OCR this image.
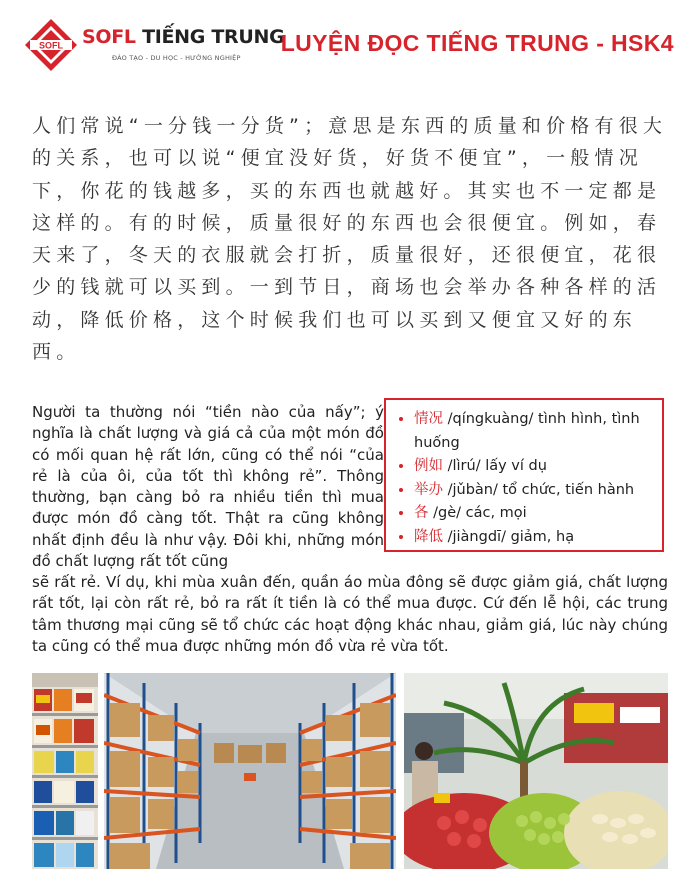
SOFL SOFL TIẾNG TRUNG
ĐÀO TẠO - DU HỌC - HƯỚNG NGHIỆP
LUYỆN ĐỌC TIẾNG TRUNG - HSK4
人们常说“一分钱一分货”；意思是东西的质量和价格有很大的关系，也可以说“便宜没好货，好货不便宜”，一般情况下，你花的钱越多，买的东西也就越好。其实也不一定都是这样的。有的时候，质量很好的东西也会很便宜。例如，春天来了，冬天的衣服就会打折，质量很好，还很便宜，花很少的钱就可以买到。一到节日，商场也会举办各种各样的活动，降低价格，这个时候我们也可以买到又便宜又好的东西。
Người ta thường nói “tiền nào của nấy”; ý nghĩa là chất lượng và giá cả của một món đồ có mối quan hệ rất lớn, cũng có thể nói “của rẻ là của ôi, của tốt thì không rẻ”. Thông thường, bạn càng bỏ ra nhiều tiền thì mua được món đồ càng tốt. Thật ra cũng không nhất định đều là như vậy. Đôi khi, những món đồ chất lượng rất tốt cũng
sẽ rất rẻ. Ví dụ, khi mùa xuân đến, quần áo mùa đông sẽ được giảm giá, chất lượng rất tốt, lại còn rất rẻ, bỏ ra rất ít tiền là có thể mua được. Cứ đến lễ hội, các trung tâm thương mại cũng sẽ tổ chức các hoạt động khác nhau, giảm giá, lúc này chúng ta cũng có thể mua được những món đồ vừa rẻ vừa tốt.
• 情况 /qíngkuàng/ tình hình, tình huống
• 例如 /lìrú/ lấy ví dụ
• 举办 /jǔbàn/ tổ chức, tiến hành
• 各 /gè/ các, mọi
• 降低 /jiàngdī/ giảm, hạ
